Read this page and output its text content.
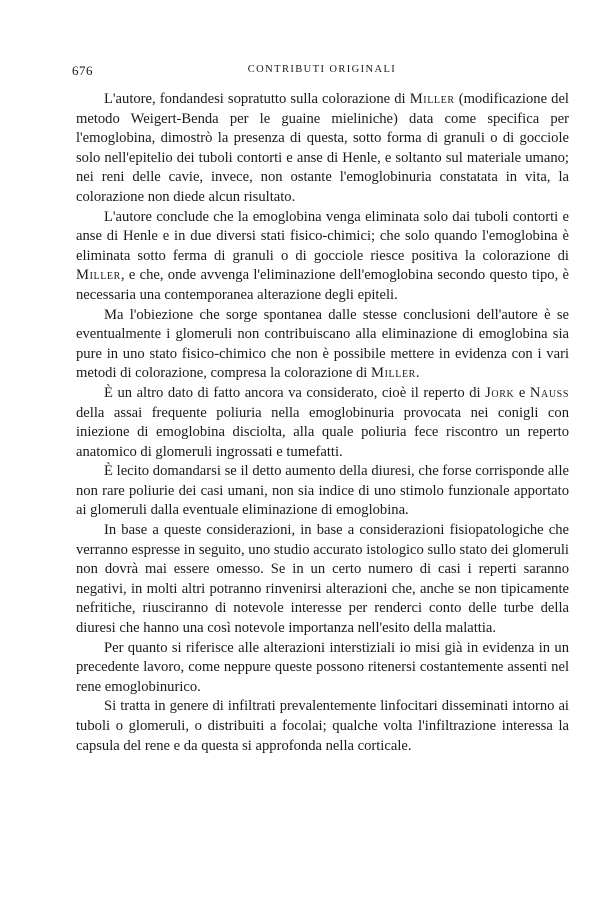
676	CONTRIBUTI ORIGINALI

L'autore, fondandesi sopratutto sulla colorazione di Miller (modificazione del metodo Weigert-Benda per le guaine mieliniche) data come specifica per l'emoglobina, dimostrò la presenza di questa, sotto forma di granuli o di gocciole solo nell'epitelio dei tuboli contorti e anse di Henle, e soltanto sul materiale umano; nei reni delle cavie, invece, non ostante l'emoglobinuria constatata in vita, la colorazione non diede alcun risultato.

L'autore conclude che la emoglobina venga eliminata solo dai tuboli contorti e anse di Henle e in due diversi stati fisico-chimici; che solo quando l'emoglobina è eliminata sotto ferma di granuli o di gocciole riesce positiva la colorazione di Miller, e che, onde avvenga l'eliminazione dell'emoglobina secondo questo tipo, è necessaria una contemporanea alterazione degli epiteli.

Ma l'obiezione che sorge spontanea dalle stesse conclusioni dell'autore è se eventualmente i glomeruli non contribuiscano alla eliminazione di emoglobina sia pure in uno stato fisico-chimico che non è possibile mettere in evidenza con i vari metodi di colorazione, compresa la colorazione di Miller.

È un altro dato di fatto ancora va considerato, cioè il reperto di Jork e Nauss della assai frequente poliuria nella emoglobinuria provocata nei conigli con iniezione di emoglobina disciolta, alla quale poliuria fece riscontro un reperto anatomico di glomeruli ingrossati e tumefatti.

È lecito domandarsi se il detto aumento della diuresi, che forse corrisponde alle non rare poliurie dei casi umani, non sia indice di uno stimolo funzionale apportato ai glomeruli dalla eventuale eliminazione di emoglobina.

In base a queste considerazioni, in base a considerazioni fisiopatologiche che verranno espresse in seguito, uno studio accurato istologico sullo stato dei glomeruli non dovrà mai essere omesso. Se in un certo numero di casi i reperti saranno negativi, in molti altri potranno rinvenirsi alterazioni che, anche se non tipicamente nefritiche, riusciranno di notevole interesse per renderci conto delle turbe della diuresi che hanno una così notevole importanza nell'esito della malattia.

Per quanto si riferisce alle alterazioni interstiziali io misi già in evidenza in un precedente lavoro, come neppure queste possono ritenersi costantemente assenti nel rene emoglobinurico.

Si tratta in genere di infiltrati prevalentemente linfocitari disseminati intorno ai tuboli o glomeruli, o distribuiti a focolai; qualche volta l'infiltrazione interessa la capsula del rene e da questa si approfonda nella corticale.
